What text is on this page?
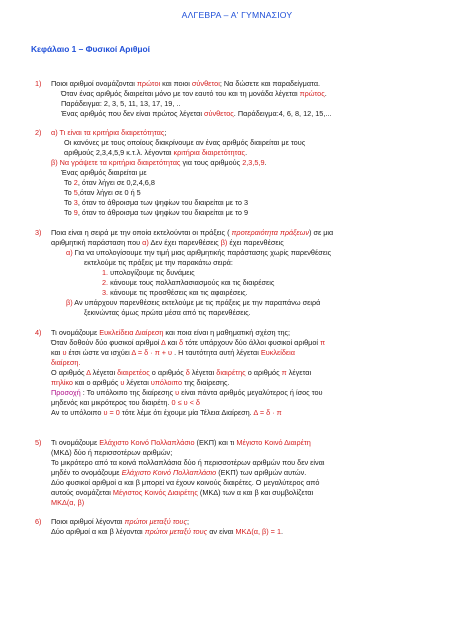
ΑΛΓΕΒΡΑ – Α' ΓΥΜΝΑΣΙΟΥ
Κεφάλαιο 1 – Φυσικοί Αριθμοί
1) Ποιοι αριθμοί ονομάζονται πρώτοι και ποιοι σύνθετοι; Να δώσετε και παραδείγματα.
Όταν ένας αριθμός διαιρείται μόνο με τον εαυτό του και τη μονάδα λέγεται πρώτος.
Παράδειγμα: 2, 3, 5, 11, 13, 17, 19, ..
Ένας αριθμός που δεν είναι πρώτος λέγεται σύνθετος. Παράδειγμα:4, 6, 8, 12, 15,...
2) α) Τι είναι τα κριτήρια διαιρετότητας;
Οι κανόνες με τους οποίους διακρίνουμε αν ένας αριθμός διαιρείται με τους
αριθμούς 2,3,4,5,9 κ.τ.λ. λέγονται κριτήρια διαιρετότητας.
β) Να γράψετε τα κριτήρια διαιρετότητας για τους αριθμούς 2,3,5,9.
Ένας αριθμός διαιρείται με
Το 2, όταν λήγει σε 0,2,4,6,8
Το 5,όταν λήγει σε 0 ή 5
Το 3, όταν το άθροισμα των ψηφίων του διαιρείται με το 3
Το 9, όταν το άθροισμα των ψηφίων του διαιρείται με το 9
3) Ποια είναι η σειρά με την οποία εκτελούνται οι πράξεις ( προτεραιότητα πράξεων) σε μια
αριθμητική παράσταση που α) Δεν έχει παρενθέσεις β) έχει παρενθέσεις
α) Για να υπολογίσουμε την τιμή μιας αριθμητικής παράστασης χωρίς παρενθέσεις
εκτελούμε τις πράξεις με την παρακάτω σειρά:
1. υπολογίζουμε τις δυνάμεις
2. κάνουμε τους πολλαπλασιασμούς και τις διαιρέσεις
3. κάνουμε τις προσθέσεις και τις αφαιρέσεις.
β) Αν υπάρχουν παρενθέσεις εκτελούμε με τις πράξεις με την παραπάνω σειρά
ξεκινώντας όμως πρώτα μέσα από τις παρενθέσεις.
4) Τι ονομάζουμε Ευκλείδεια Διαίρεση και ποια είναι η μαθηματική σχέση της;
Όταν δοθούν δύο φυσικοί αριθμοί Δ και δ τότε υπάρχουν δύο άλλοι φυσικοί αριθμοί π
και υ έτσι ώστε να ισχύει Δ = δ · π + υ . Η ταυτότητα αυτή λέγεται Ευκλείδεια
διαίρεση.
Ο αριθμός Δ λέγεται διαιρετέος ο αριθμός δ λέγεται διαιρέτης ο αριθμός π λέγεται
πηλίκο και ο αριθμός υ λέγεται υπόλοιπο της διαίρεσης.
Προσοχή : Το υπόλοιπο της διαίρεσης υ είναι πάντα αριθμός μεγαλύτερος ή ίσος του
μηδενός και μικρότερος του διαιρέτη. 0 ≤ υ < δ
Αν το υπόλοιπο υ = 0 τότε λέμε ότι έχουμε μία Τέλεια Διαίρεση. Δ = δ · π
5) Τι ονομάζουμε Ελάχιστο Κοινό Πολλαπλάσιο (ΕΚΠ) και τι Μέγιστο Κοινό Διαιρέτη
(ΜΚΔ) δύο ή περισσοτέρων αριθμών;
Το μικρότερο από τα κοινά πολλαπλάσια δύο ή περισσοτέρων αριθμών που δεν είναι
μηδέν το ονομάζουμε Ελάχιστο Κοινό Πολλαπλάσιο (ΕΚΠ) των αριθμών αυτών.
Δύο φυσικοί αριθμοί α και β μπορεί να έχουν κοινούς διαιρέτες. Ο μεγαλύτερος από
αυτούς ονομάζεται Μέγιστος Κοινός Διαιρέτης (ΜΚΔ) των α και β και συμβολίζεται
ΜΚΔ(α, β)
6) Ποιοι αριθμοί λέγονται πρώτοι μεταξύ τους;
Δύο αριθμοί α και β λέγονται πρώτοι μεταξύ τους αν είναι ΜΚΔ(α, β) = 1.
